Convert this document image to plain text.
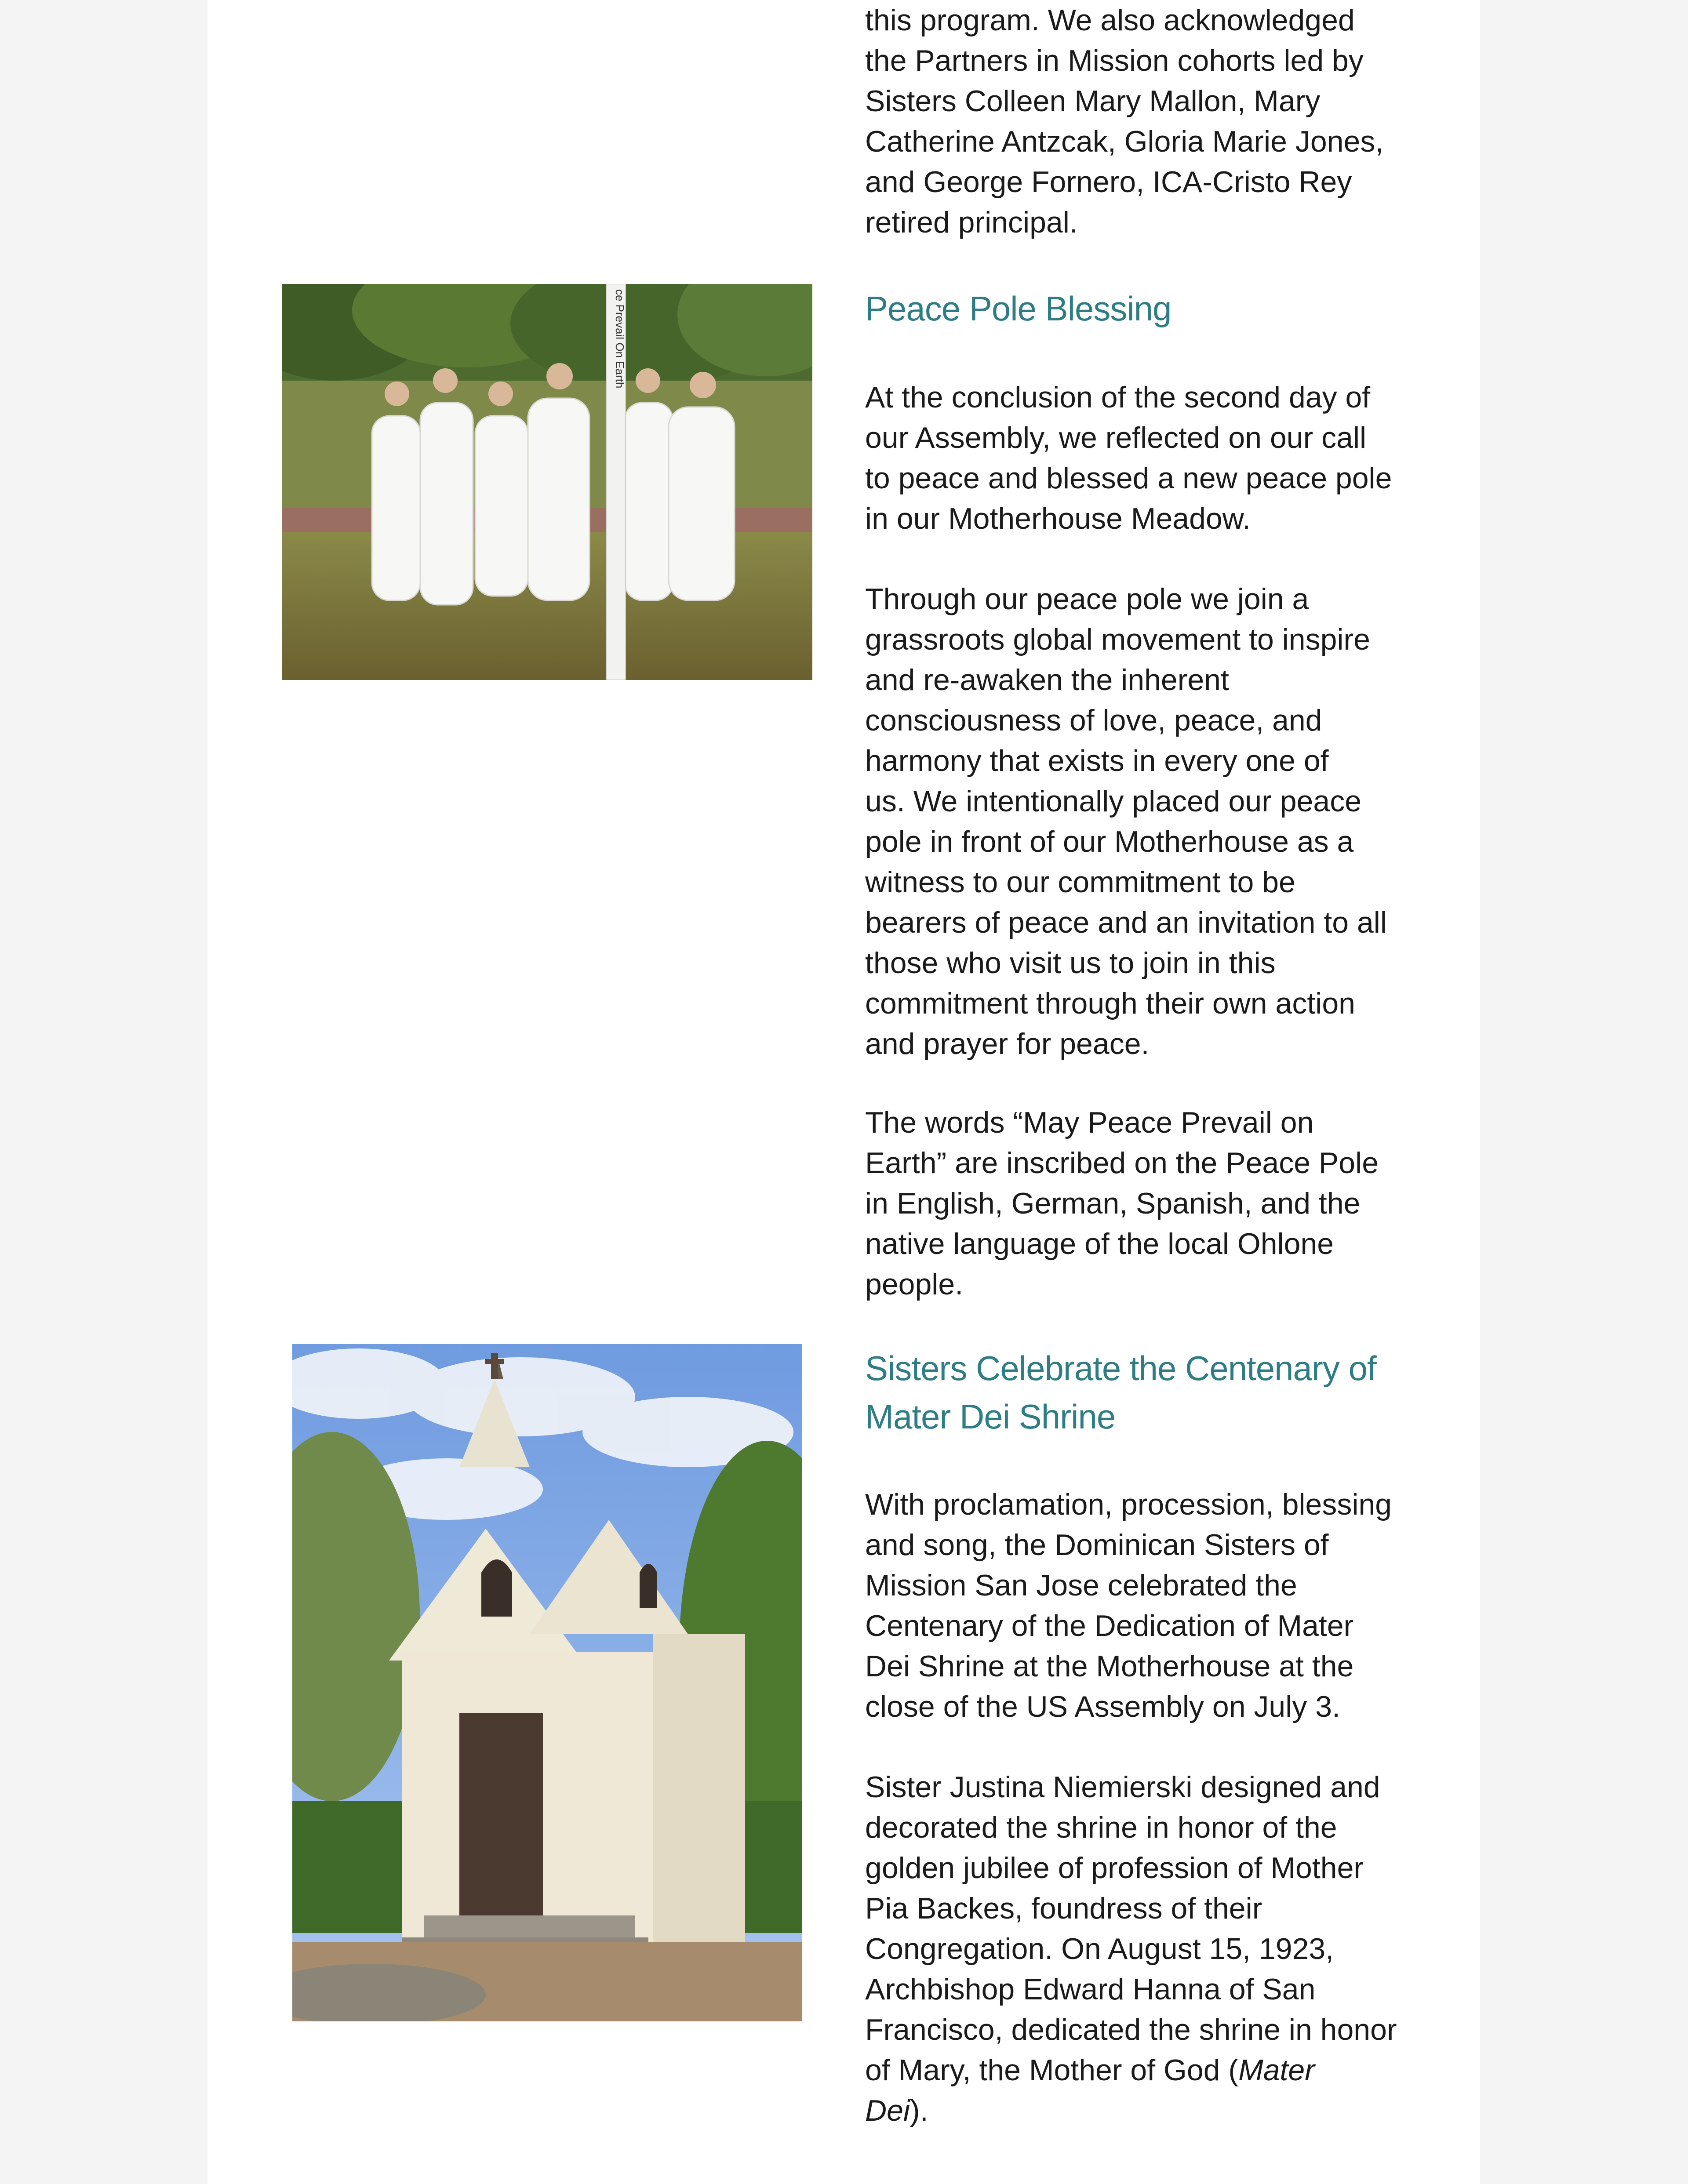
this program. We also acknowledged
the Partners in Mission cohorts led by
Sisters Colleen Mary Mallon, Mary
Catherine Antzcak, Gloria Marie Jones,
and George Fornero, ICA-Cristo Rey
retired principal.

ce Prevail On Earth	Peace Pole Blessing

At the conclusion of the second day of
our Assembly, we reflected on our call
to peace and blessed a new peace pole
in our Motherhouse Meadow.

Through our peace pole we join a
grassroots global movement to inspire
and re-awaken the inherent
consciousness of love, peace, and
harmony that exists in every one of
us. We intentionally placed our peace
pole in front of our Motherhouse as a
witness to our commitment to be
bearers of peace and an invitation to all
those who visit us to join in this
commitment through their own action
and prayer for peace.

The words “May Peace Prevail on
Earth” are inscribed on the Peace Pole
in English, German, Spanish, and the
native language of the local Ohlone
people.

Sisters Celebrate the Centenary of
Mater Dei Shrine

With proclamation, procession, blessing
and song, the Dominican Sisters of
Mission San Jose celebrated the
Centenary of the Dedication of Mater
Dei Shrine at the Motherhouse at the
close of the US Assembly on July 3.

Sister Justina Niemierski designed and
decorated the shrine in honor of the
golden jubilee of profession of Mother
Pia Backes, foundress of their
Congregation. On August 15, 1923,
Archbishop Edward Hanna of San
Francisco, dedicated the shrine in honor
of Mary, the Mother of God (Mater
Dei).
